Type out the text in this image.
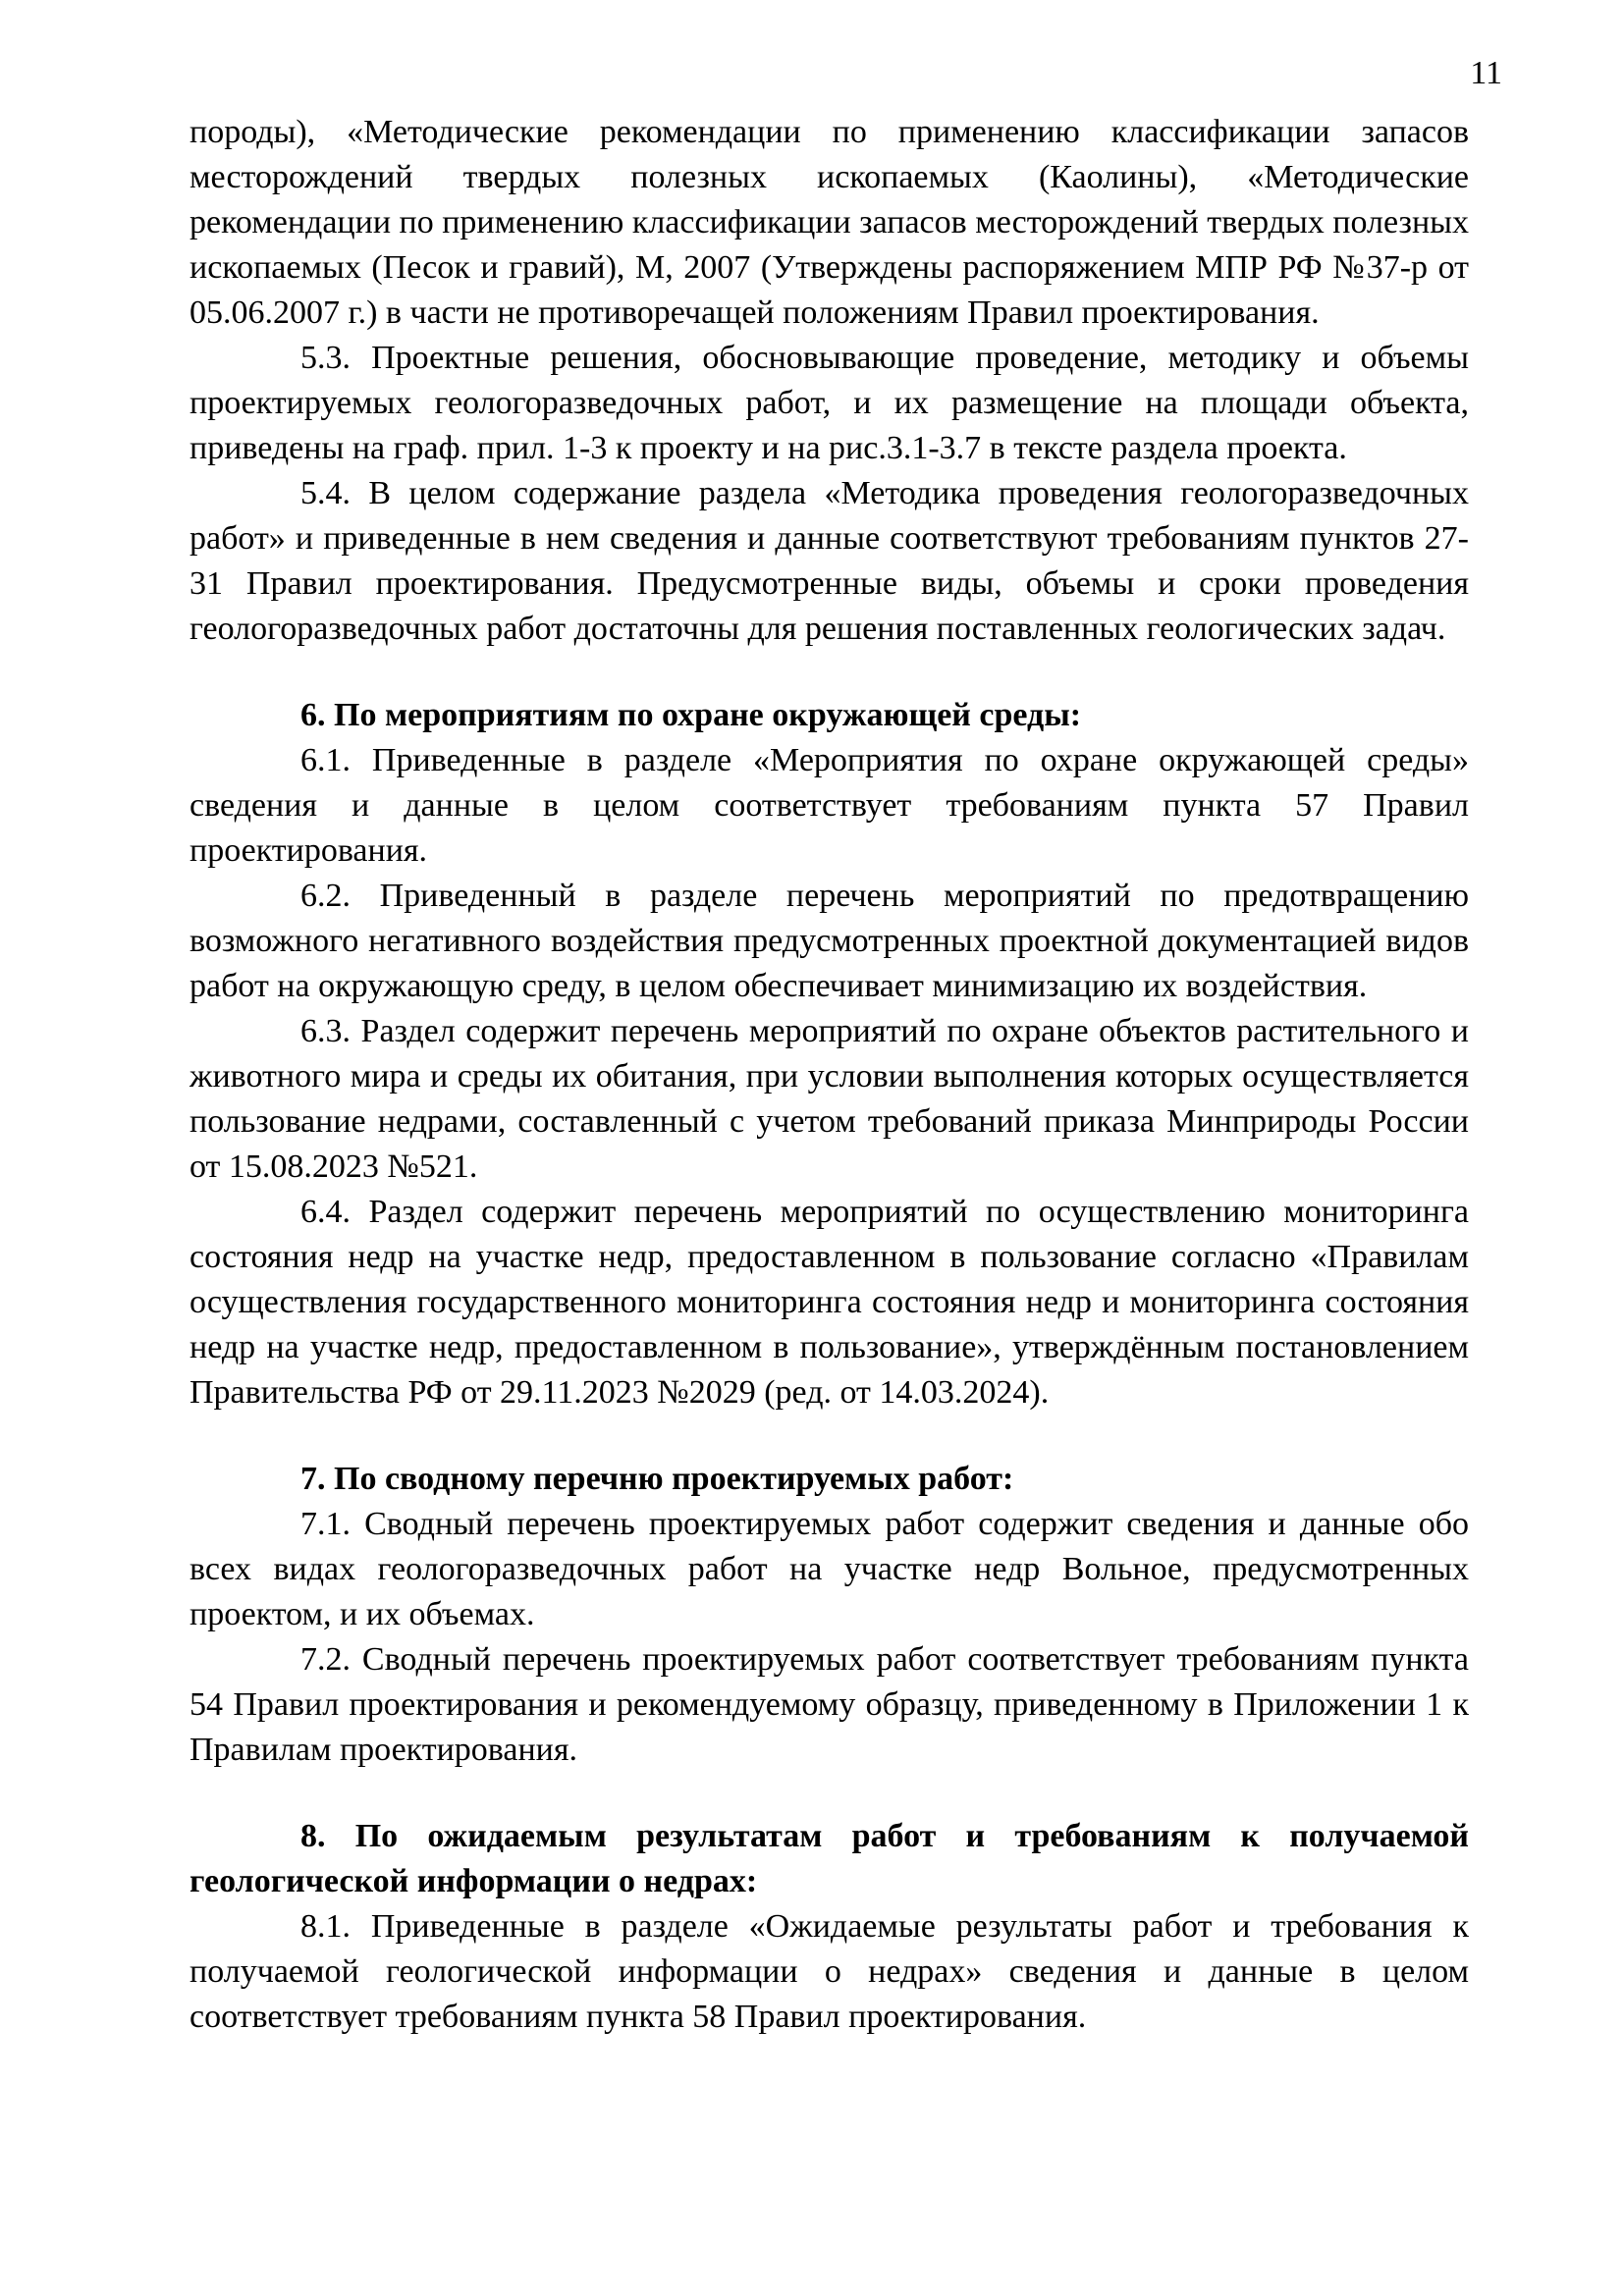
11

породы), «Методические рекомендации по применению классификации запасов месторождений твердых полезных ископаемых (Каолины), «Методические рекомендации по применению классификации запасов месторождений твердых полезных ископаемых (Песок и гравий), М, 2007 (Утверждены распоряжением МПР РФ №37-р от 05.06.2007 г.) в части не противоречащей положениям Правил проектирования.

5.3. Проектные решения, обосновывающие проведение, методику и объемы проектируемых геологоразведочных работ, и их размещение на площади объекта, приведены на граф. прил. 1-3 к проекту и на рис.3.1-3.7 в тексте раздела проекта.

5.4. В целом содержание раздела «Методика проведения геологоразведочных работ» и приведенные в нем сведения и данные соответствуют требованиям пунктов 27-31 Правил проектирования. Предусмотренные виды, объемы и сроки проведения геологоразведочных работ достаточны для решения поставленных геологических задач.

6. По мероприятиям по охране окружающей среды:

6.1. Приведенные в разделе «Мероприятия по охране окружающей среды» сведения и данные в целом соответствует требованиям пункта 57 Правил проектирования.

6.2. Приведенный в разделе перечень мероприятий по предотвращению возможного негативного воздействия предусмотренных проектной документацией видов работ на окружающую среду, в целом обеспечивает минимизацию их воздействия.

6.3. Раздел содержит перечень мероприятий по охране объектов растительного и животного мира и среды их обитания, при условии выполнения которых осуществляется пользование недрами, составленный с учетом требований приказа Минприроды России от 15.08.2023 №521.

6.4. Раздел содержит перечень мероприятий по осуществлению мониторинга состояния недр на участке недр, предоставленном в пользование согласно «Правилам осуществления государственного мониторинга состояния недр и мониторинга состояния недр на участке недр, предоставленном в пользование», утверждённым постановлением Правительства РФ от 29.11.2023 №2029 (ред. от 14.03.2024).

7. По сводному перечню проектируемых работ:

7.1. Сводный перечень проектируемых работ содержит сведения и данные обо всех видах геологоразведочных работ на участке недр Вольное, предусмотренных проектом, и их объемах.

7.2. Сводный перечень проектируемых работ соответствует требованиям пункта 54 Правил проектирования и рекомендуемому образцу, приведенному в Приложении 1 к Правилам проектирования.

8. По ожидаемым результатам работ и требованиям к получаемой геологической информации о недрах:

8.1. Приведенные в разделе «Ожидаемые результаты работ и требования к получаемой геологической информации о недрах» сведения и данные в целом соответствует требованиям пункта 58 Правил проектирования.
